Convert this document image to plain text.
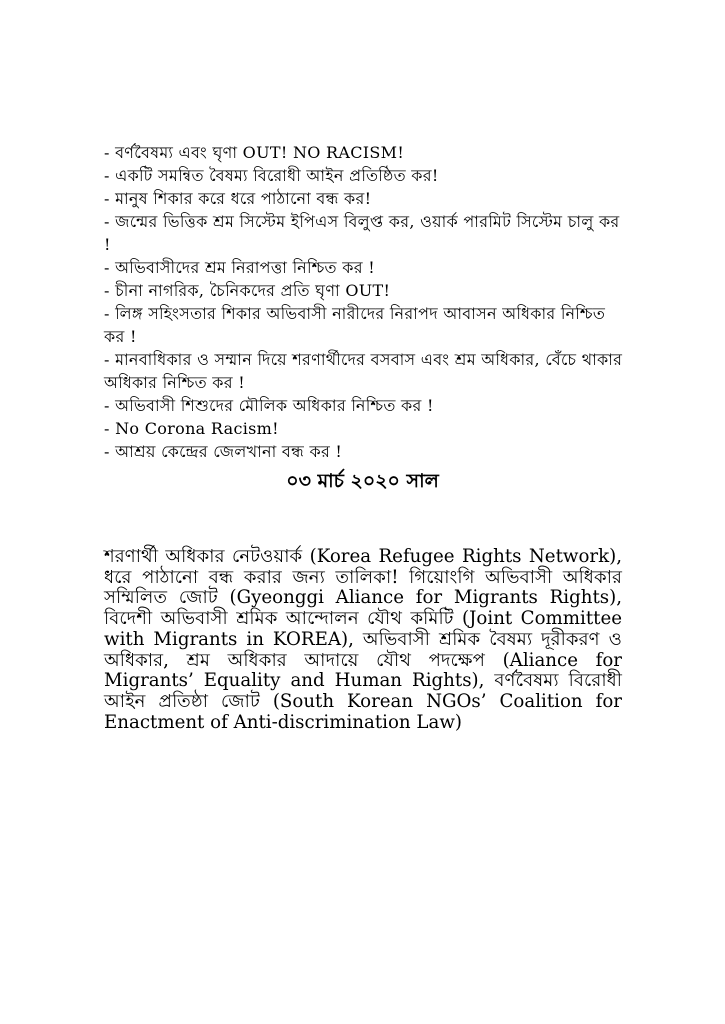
- বর্ণবৈষম্য এবং ঘৃণা OUT! NO RACISM!
- একটি সমন্বিত বৈষম্য বিরোধী আইন প্রতিষ্ঠিত কর!
- মানুষ শিকার করে ধরে পাঠানো বন্ধ কর!
- জন্মের ভিত্তিক শ্রম সিস্টেম ইপিএস বিলুপ্ত কর, ওয়ার্ক পারমিট সিস্টেম চালু কর !
- অভিবাসীদের শ্রম নিরাপত্তা নিশ্চিত কর !
- চীনা নাগরিক, চৈনিকদের প্রতি ঘৃণা OUT!
- লিঙ্গ সহিংসতার শিকার অভিবাসী নারীদের নিরাপদ আবাসন অধিকার নিশ্চিত কর !
- মানবাধিকার ও সম্মান দিয়ে শরণার্থীদের বসবাস এবং শ্রম অধিকার, বেঁচে থাকার অধিকার নিশ্চিত কর !
- অভিবাসী শিশুদের মৌলিক অধিকার নিশ্চিত কর !
- No Corona Racism!
- আশ্রয় কেন্দ্রের জেলখানা বন্ধ কর !
০৩ মার্চ ২০২০ সাল

শরণার্থী অধিকার নেটওয়ার্ক (Korea Refugee Rights Network), ধরে পাঠানো বন্ধ করার জন্য তালিকা! গিয়োংগি অভিবাসী অধিকার সম্মিলিত জোট (Gyeonggi Aliance for Migrants Rights), বিদেশী অভিবাসী শ্রমিক আন্দোলন যৌথ কমিটি (Joint Committee with Migrants in KOREA), অভিবাসী শ্রমিক বৈষম্য দূরীকরণ ও অধিকার, শ্রম অধিকার আদায়ে যৌথ পদক্ষেপ (Aliance for Migrants’ Equality and Human Rights), বর্ণবৈষম্য বিরোধী আইন প্রতিষ্ঠা জোট (South Korean NGOs’ Coalition for Enactment of Anti-discrimination Law)
